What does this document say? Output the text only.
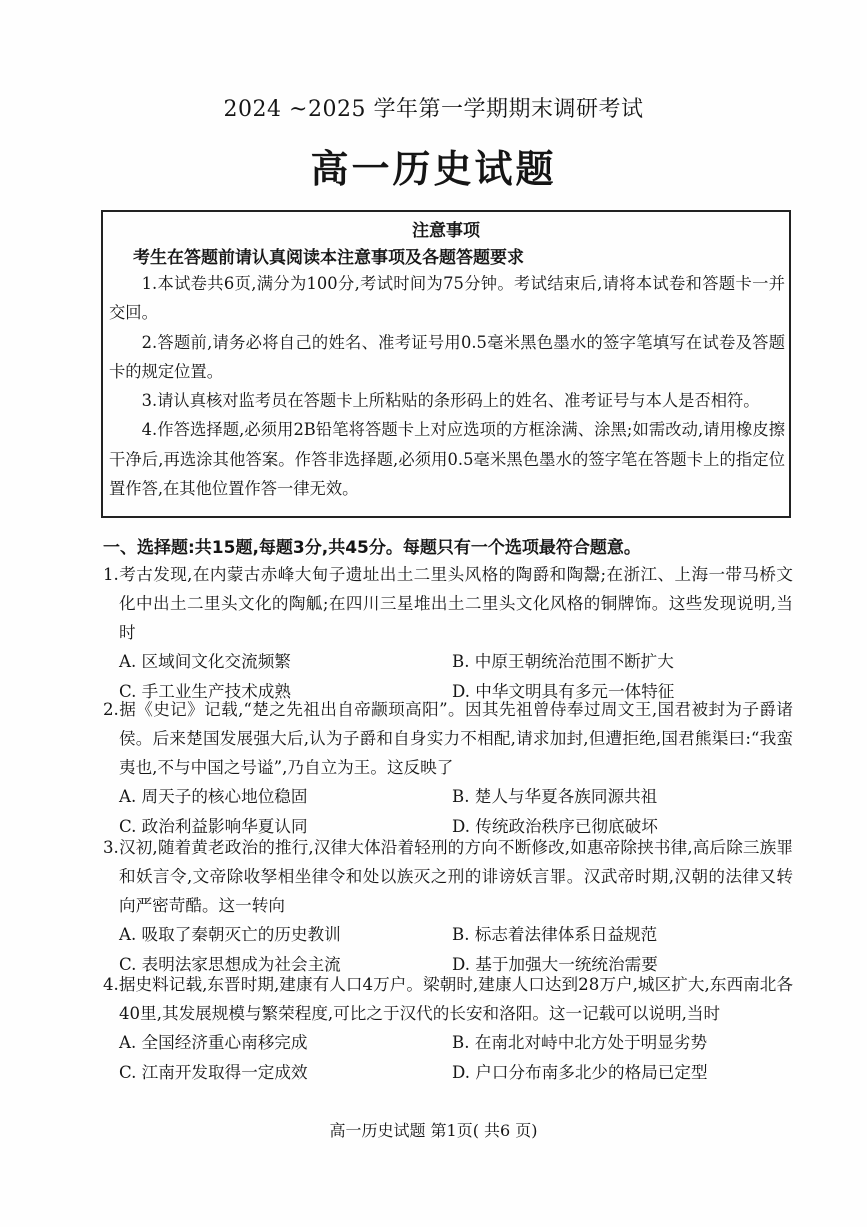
2024 ~2025 学年第一学期期末调研考试
高一历史试题
注意事项
考生在答题前请认真阅读本注意事项及各题答题要求

1.本试卷共6页,满分为100分,考试时间为75分钟。考试结束后,请将本试卷和答题卡一并交回。

2.答题前,请务必将自己的姓名、准考证号用0.5毫米黑色墨水的签字笔填写在试卷及答题卡的规定位置。

3.请认真核对监考员在答题卡上所粘贴的条形码上的姓名、准考证号与本人是否相符。

4.作答选择题,必须用2B铅笔将答题卡上对应选项的方框涂满、涂黑;如需改动,请用橡皮擦干净后,再选涂其他答案。作答非选择题,必须用0.5毫米黑色墨水的签字笔在答题卡上的指定位置作答,在其他位置作答一律无效。

一、选择题:共15题,每题3分,共45分。每题只有一个选项最符合题意。

1.考古发现,在内蒙古赤峰大甸子遗址出土二里头风格的陶爵和陶鬶;在浙江、上海一带马桥文化中出土二里头文化的陶觚;在四川三星堆出土二里头文化风格的铜牌饰。这些发现说明,当时

A. 区域间文化交流频繁	B. 中原王朝统治范围不断扩大
C. 手工业生产技术成熟	D. 中华文明具有多元一体特征

2.据《史记》记载,“楚之先祖出自帝颛顼高阳”。因其先祖曾侍奉过周文王,国君被封为子爵诸侯。后来楚国发展强大后,认为子爵和自身实力不相配,请求加封,但遭拒绝,国君熊渠曰:“我蛮夷也,不与中国之号谥”,乃自立为王。这反映了

A. 周天子的核心地位稳固	B. 楚人与华夏各族同源共祖
C. 政治利益影响华夏认同	D. 传统政治秩序已彻底破坏

3.汉初,随着黄老政治的推行,汉律大体沿着轻刑的方向不断修改,如惠帝除挟书律,高后除三族罪和妖言令,文帝除收孥相坐律令和处以族灭之刑的诽谤妖言罪。汉武帝时期,汉朝的法律又转向严密苛酷。这一转向

A. 吸取了秦朝灭亡的历史教训	B. 标志着法律体系日益规范
C. 表明法家思想成为社会主流	D. 基于加强大一统统治需要

4.据史料记载,东晋时期,建康有人口4万户。梁朝时,建康人口达到28万户,城区扩大,东西南北各40里,其发展规模与繁荣程度,可比之于汉代的长安和洛阳。这一记载可以说明,当时

A. 全国经济重心南移完成	B. 在南北对峙中北方处于明显劣势
C. 江南开发取得一定成效	D. 户口分布南多北少的格局已定型
高一历史试题 第1页( 共6 页)
